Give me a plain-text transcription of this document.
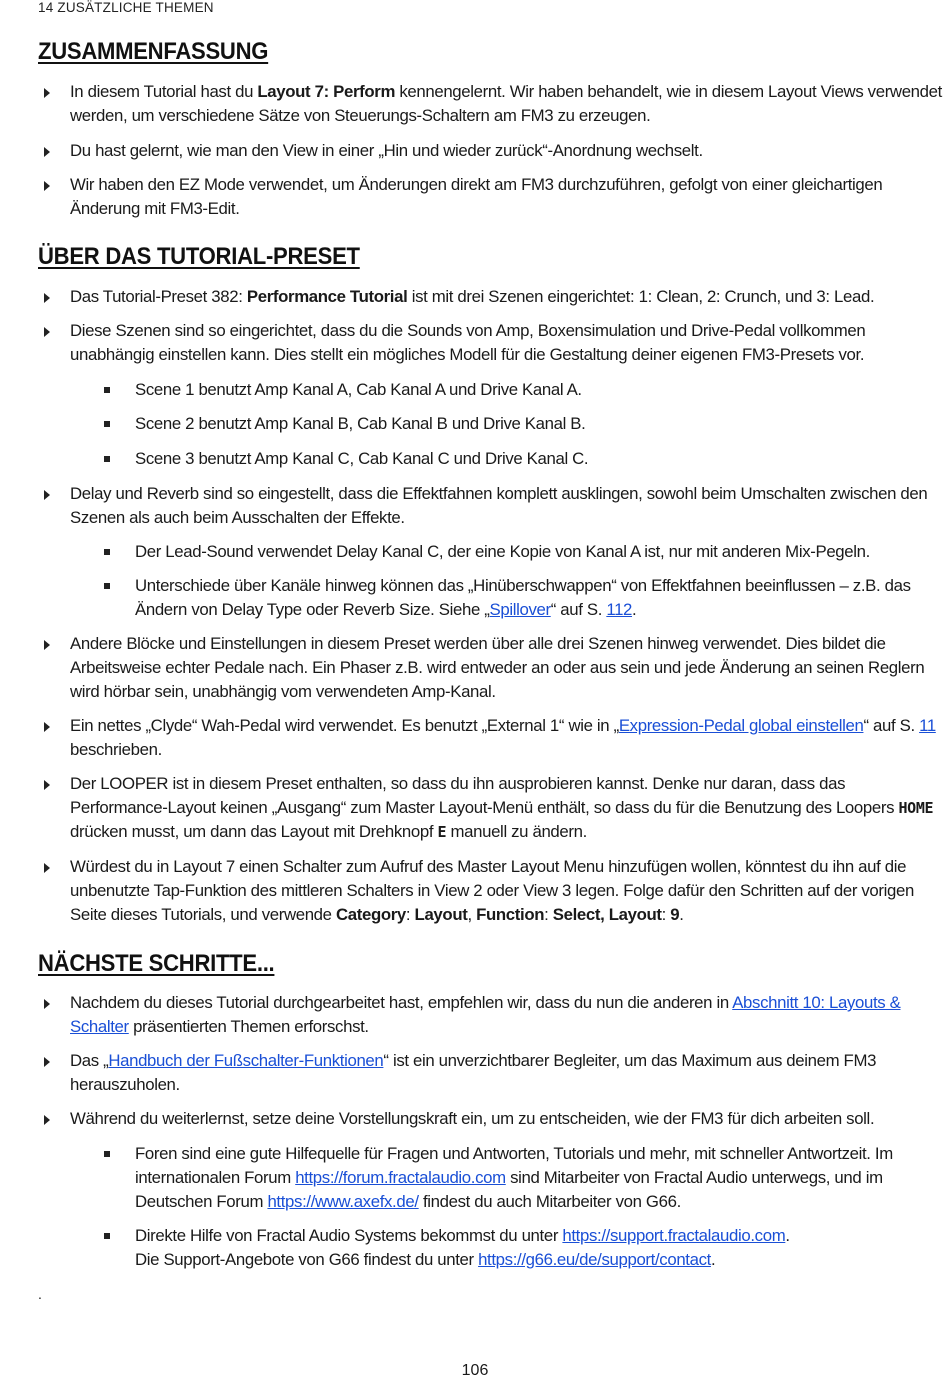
14 ZUSÄTZLICHE THEMEN
ZUSAMMENFASSUNG
In diesem Tutorial hast du Layout 7: Perform kennengelernt. Wir haben behandelt, wie in diesem Layout Views verwendet werden, um verschiedene Sätze von Steuerungs-Schaltern am FM3 zu erzeugen.
Du hast gelernt, wie man den View in einer „Hin und wieder zurück“-Anordnung wechselt.
Wir haben den EZ Mode verwendet, um Änderungen direkt am FM3 durchzuführen, gefolgt von einer gleichartigen Änderung mit FM3-Edit.
ÜBER DAS TUTORIAL-PRESET
Das Tutorial-Preset 382: Performance Tutorial ist mit drei Szenen eingerichtet: 1: Clean, 2: Crunch, und 3: Lead.
Diese Szenen sind so eingerichtet, dass du die Sounds von Amp, Boxensimulation und Drive-Pedal vollkommen unabhängig einstellen kann. Dies stellt ein mögliches Modell für die Gestaltung deiner eigenen FM3-Presets vor.
Scene 1 benutzt Amp Kanal A, Cab Kanal A und Drive Kanal A.
Scene 2 benutzt Amp Kanal B, Cab Kanal B und Drive Kanal B.
Scene 3 benutzt Amp Kanal C, Cab Kanal C und Drive Kanal C.
Delay und Reverb sind so eingestellt, dass die Effektfahnen komplett ausklingen, sowohl beim Umschalten zwischen den Szenen als auch beim Ausschalten der Effekte.
Der Lead-Sound verwendet Delay Kanal C, der eine Kopie von Kanal A ist, nur mit anderen Mix-Pegeln.
Unterschiede über Kanäle hinweg können das „Hinüberschwappen“ von Effektfahnen beeinflussen – z.B. das Ändern von Delay Type oder Reverb Size. Siehe „Spillover“ auf S. 112.
Andere Blöcke und Einstellungen in diesem Preset werden über alle drei Szenen hinweg verwendet. Dies bildet die Arbeitsweise echter Pedale nach. Ein Phaser z.B. wird entweder an oder aus sein und jede Änderung an seinen Reglern wird hörbar sein, unabhängig vom verwendeten Amp-Kanal.
Ein nettes „Clyde“ Wah-Pedal wird verwendet. Es benutzt „External 1“ wie in „Expression-Pedal global einstellen“ auf S. 11 beschrieben.
Der LOOPER ist in diesem Preset enthalten, so dass du ihn ausprobieren kannst. Denke nur daran, dass das Performance-Layout keinen „Ausgang“ zum Master Layout-Menü enthält, so dass du für die Benutzung des Loopers HOME drücken musst, um dann das Layout mit Drehknopf E manuell zu ändern.
Würdest du in Layout 7 einen Schalter zum Aufruf des Master Layout Menu hinzufügen wollen, könntest du ihn auf die unbenutzte Tap-Funktion des mittleren Schalters in View 2 oder View 3 legen. Folge dafür den Schritten auf der vorigen Seite dieses Tutorials, und verwende Category: Layout, Function: Select, Layout: 9.
NÄCHSTE SCHRITTE...
Nachdem du dieses Tutorial durchgearbeitet hast, empfehlen wir, dass du nun die anderen in Abschnitt 10: Layouts & Schalter präsentierten Themen erforschst.
Das „Handbuch der Fußschalter-Funktionen“ ist ein unverzichtbarer Begleiter, um das Maximum aus deinem FM3 herauszuholen.
Während du weiterlernst, setze deine Vorstellungskraft ein, um zu entscheiden, wie der FM3 für dich arbeiten soll.
Foren sind eine gute Hilfequelle für Fragen und Antworten, Tutorials und mehr, mit schneller Antwortzeit. Im internationalen Forum https://forum.fractalaudio.com sind Mitarbeiter von Fractal Audio unterwegs, und im Deutschen Forum https://www.axefx.de/ findest du auch Mitarbeiter von G66.
Direkte Hilfe von Fractal Audio Systems bekommst du unter https://support.fractalaudio.com.
Die Support-Angebote von G66 findest du unter https://g66.eu/de/support/contact.
.
106
